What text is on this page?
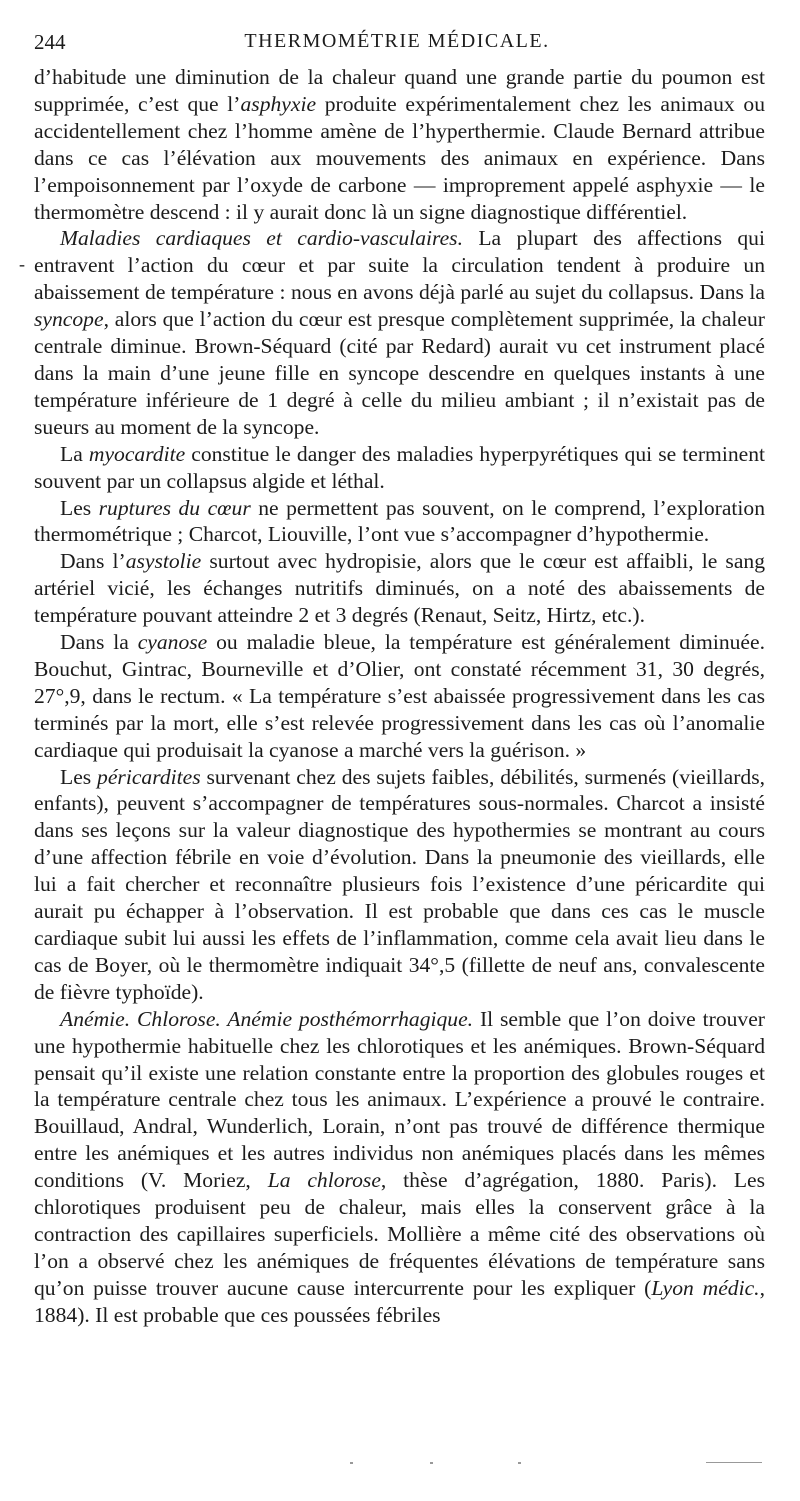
244	THERMOMÉTRIE MÉDICALE.
-

d’habitude une diminution de la chaleur quand une grande partie du poumon est supprimée, c’est que l’asphyxie produite expérimentalement chez les animaux ou accidentellement chez l’homme amène de l’hyperthermie. Claude Bernard attribue dans ce cas l’élévation aux mouvements des animaux en expérience. Dans l’empoisonnement par l’oxyde de carbone — improprement appelé asphyxie — le thermomètre descend : il y aurait donc là un signe diagnostique différentiel.

Maladies cardiaques et cardio-vasculaires. La plupart des affections qui entravent l’action du cœur et par suite la circulation tendent à produire un abaissement de température : nous en avons déjà parlé au sujet du collapsus. Dans la syncope, alors que l’action du cœur est presque complètement supprimée, la chaleur centrale diminue. Brown-Séquard (cité par Redard) aurait vu cet instrument placé dans la main d’une jeune fille en syncope descendre en quelques instants à une température inférieure de 1 degré à celle du milieu ambiant ; il n’existait pas de sueurs au moment de la syncope.

La myocardite constitue le danger des maladies hyperpyrétiques qui se terminent souvent par un collapsus algide et léthal.

Les ruptures du cœur ne permettent pas souvent, on le comprend, l’exploration thermométrique ; Charcot, Liouville, l’ont vue s’accompagner d’hypothermie.

Dans l’asystolie surtout avec hydropisie, alors que le cœur est affaibli, le sang artériel vicié, les échanges nutritifs diminués, on a noté des abaissements de température pouvant atteindre 2 et 3 degrés (Renaut, Seitz, Hirtz, etc.).

Dans la cyanose ou maladie bleue, la température est généralement diminuée. Bouchut, Gintrac, Bourneville et d’Olier, ont constaté récemment 31, 30 degrés, 27°,9, dans le rectum. « La température s’est abaissée progressivement dans les cas terminés par la mort, elle s’est relevée progressivement dans les cas où l’anomalie cardiaque qui produisait la cyanose a marché vers la guérison. »

Les péricardites survenant chez des sujets faibles, débilités, surmenés (vieillards, enfants), peuvent s’accompagner de températures sous-normales. Charcot a insisté dans ses leçons sur la valeur diagnostique des hypothermies se montrant au cours d’une affection fébrile en voie d’évolution. Dans la pneumonie des vieillards, elle lui a fait chercher et reconnaître plusieurs fois l’existence d’une péricardite qui aurait pu échapper à l’observation. Il est probable que dans ces cas le muscle cardiaque subit lui aussi les effets de l’inflammation, comme cela avait lieu dans le cas de Boyer, où le thermomètre indiquait 34°,5 (fillette de neuf ans, convalescente de fièvre typhoïde).

Anémie. Chlorose. Anémie posthémorrhagique. Il semble que l’on doive trouver une hypothermie habituelle chez les chlorotiques et les anémiques. Brown-Séquard pensait qu’il existe une relation constante entre la proportion des globules rouges et la température centrale chez tous les animaux. L’expérience a prouvé le contraire. Bouillaud, Andral, Wunderlich, Lorain, n’ont pas trouvé de différence thermique entre les anémiques et les autres individus non anémiques placés dans les mêmes conditions (V. Moriez, La chlorose, thèse d’agrégation, 1880. Paris). Les chlorotiques produisent peu de chaleur, mais elles la conservent grâce à la contraction des capillaires superficiels. Mollière a même cité des observations où l’on a observé chez les anémiques de fréquentes élévations de température sans qu’on puisse trouver aucune cause intercurrente pour les expliquer (Lyon médic., 1884). Il est probable que ces poussées fébriles
